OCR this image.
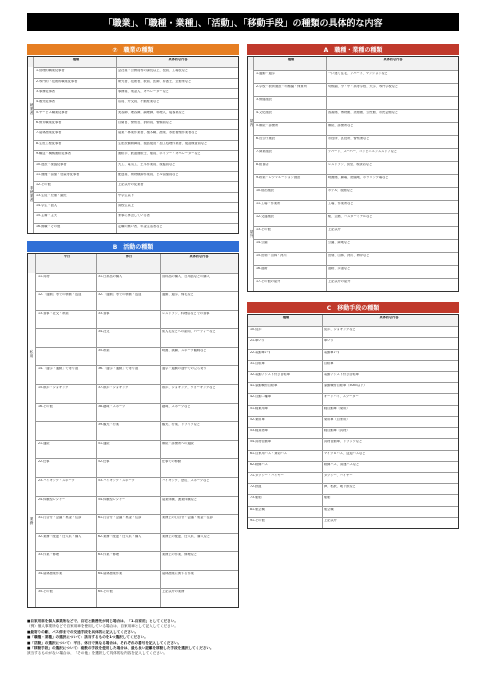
「職業」、「職種・業種」、「活動」、「移動手段」の種類の具体的な内容
⑦　職業の種類
種類	具体的な内容
1.管理的職業従事者	会社員・公務員等の課長以上、役員、工場長など
2.専門的・技術的職業従事者	研究者、技術者、教員、医師、弁護士、芸術家など
3.事務従事者	事務員、集金人、オペレーターなど
4.販売従事者	店員、外交員、不動産業など
5.サービス職業従事者	美容師、理容師、調理師、料理人、接客業など
6.保安職業従事者	自衛官、警察官、消防員、警備員など
7.農林漁業従事者	農業・林業作業者、植木職、漁業、水産養殖作業者など
8.生産工程従事者	生産設備制御員、製品製造・加工処理作業者、製品検査員など
9.輸送・機械運転従事者	運転手、鉄道運転士、船員、ボイラー・オペレーターなど
10.建設・採掘従事者	大工、電気工、土木作業員、採掘員など
11.運搬・清掃・包装等従事者	配達員、荷物積卸作業員、ビル清掃員など
12.その他	上記以外の従業者
13.生徒・児童・園児	中学生以下
14.学生・浪人	高校生以上
15.主婦・主夫	家事に専念している者
16.無職・その他	定職の無い者、年金生活者など
就業者
非就業者
A　職種・業種の種類
種類	具体的な内容
1.通勤・通学	一戸建て住宅、アパート、マンションなど
2.学校・教育施設・幼稚園・保育所	幼稚園、小・中・高等学校、大学、専門学校など
3.保健施設
4.文化施設	図書館、博物館、美術館、公民館、市民会館など
5.病院・診療所	病院、診療所など
6.官公庁施設	市役所、区役所、警察署など
7.商業施設	デパート、スーパー、コンビニエンスストアなど
8.飲食店	レストラン、食堂、喫茶店など
9.娯楽・レクリエーション施設	映画館、劇場、遊園地、ボウリング場など
10.宿泊施設	ホテル、旅館など
11.工場・作業所	工場、作業所など
12.交通施設	駅、空港、バスターミナルなど
13.その他	上記以外
14.公園	公園、緑地など
15.田畑・山林・河川	田畑、山林、河川、海岸など
16.道路	道路、歩道など
17.その他の屋外	上記以外の屋外
屋内
屋外
B　活動の種類
平日	休日	具体的な内容
11.買物	31.日常品の購入	食料品の購入、日用品などの購入
12.「通勤」等での移動・送迎	32.「通勤」等での移動・送迎	通勤、通学、帰宅など
13.食事・社交・娯楽	33.食事	レストラン、料理店などでの食事
34.社交	知人宅などへの訪問、パーティーなど
35.娯楽	映画、演劇、スポーツ観戦など
14.「通学・通勤」で寄り道	36.「通学・通勤」で寄り道	通学・通勤の途中での立ち寄り
15.散歩・ジョギング	37.散歩・ジョギング	散歩、ジョギング、ウォーキングなど
16.その他	38.趣味・スポーツ	趣味、スポーツなど
39.観光・行楽	観光、行楽、ドライブなど
21.通院	51.通院	病院・診療所への通院
22.仕事	52.仕事	仕事での移動
23.ハイキング・スポーツ	53.ハイキング・スポーツ	ハイキング、登山、スポーツなど
24.体験型レジャー	54.体験型レジャー	農業体験、漁業体験など
31.打合せ・会議・集金・往診	61.打合せ・会議・集金・往診	業務上の打合せ・会議・集金・往診
32.業務・配達・仕入れ・購入	62.業務・配達・仕入れ・購入	業務上の配達、仕入れ、購入など
33.作業・修理	63.作業・修理	業務上の作業、修理など
34.農林漁業作業	64.農林漁業作業	農林漁業に関する作業
35.その他	65.その他	上記以外の業務
私用
業務
C　移動手段の種類
種類	具体的な内容
10.徒歩	徒歩、ジョギングなど
21.車いす	車いす
22.電動車いす	電動車いす
31.自転車	自転車
32.電動アシスト付き自転車	電動アシスト付き自転車
41.原動機付自転車	原動機付自転車（50cc以下）
42.自動二輪車	オートバイ、スクーター
51.軽乗用車	軽自動車（乗用）
52.乗用車	乗用車（自家用）
53.軽貨物車	軽自動車（貨物）
54.貨物自動車	貨物自動車、トラックなど
61.自家用バス・貸切バス	マイクロバス、送迎バスなど
62.路線バス	路線バス、高速バスなど
71.タクシー・ハイヤー	タクシー、ハイヤー
72.鉄道	JR、私鉄、地下鉄など
73.船舶	船舶
81.航空機	航空機
91.その他	上記以外
■自家用車を個人事業所などで、自宅と勤務先が同じ場合は、「1.自家用」としてください。
（例）個人事業所などで自家用車を使用している場合は、自家用車として記入してください。
■最寄りの駅、バス停までの交通手段を具体的に記入してください。
■「職種・業種」の選択について：該当するものを1つ選択してください。
■「活動」の選択について：平日、休日で異なる場合は、それぞれの番号を記入してください。
■「移動手段」の選択について：複数の手段を使用した場合は、最も長い距離を移動した手段を選択してください。
該当するものがない場合は、「その他」を選択して具体的な内容を記入してください。
